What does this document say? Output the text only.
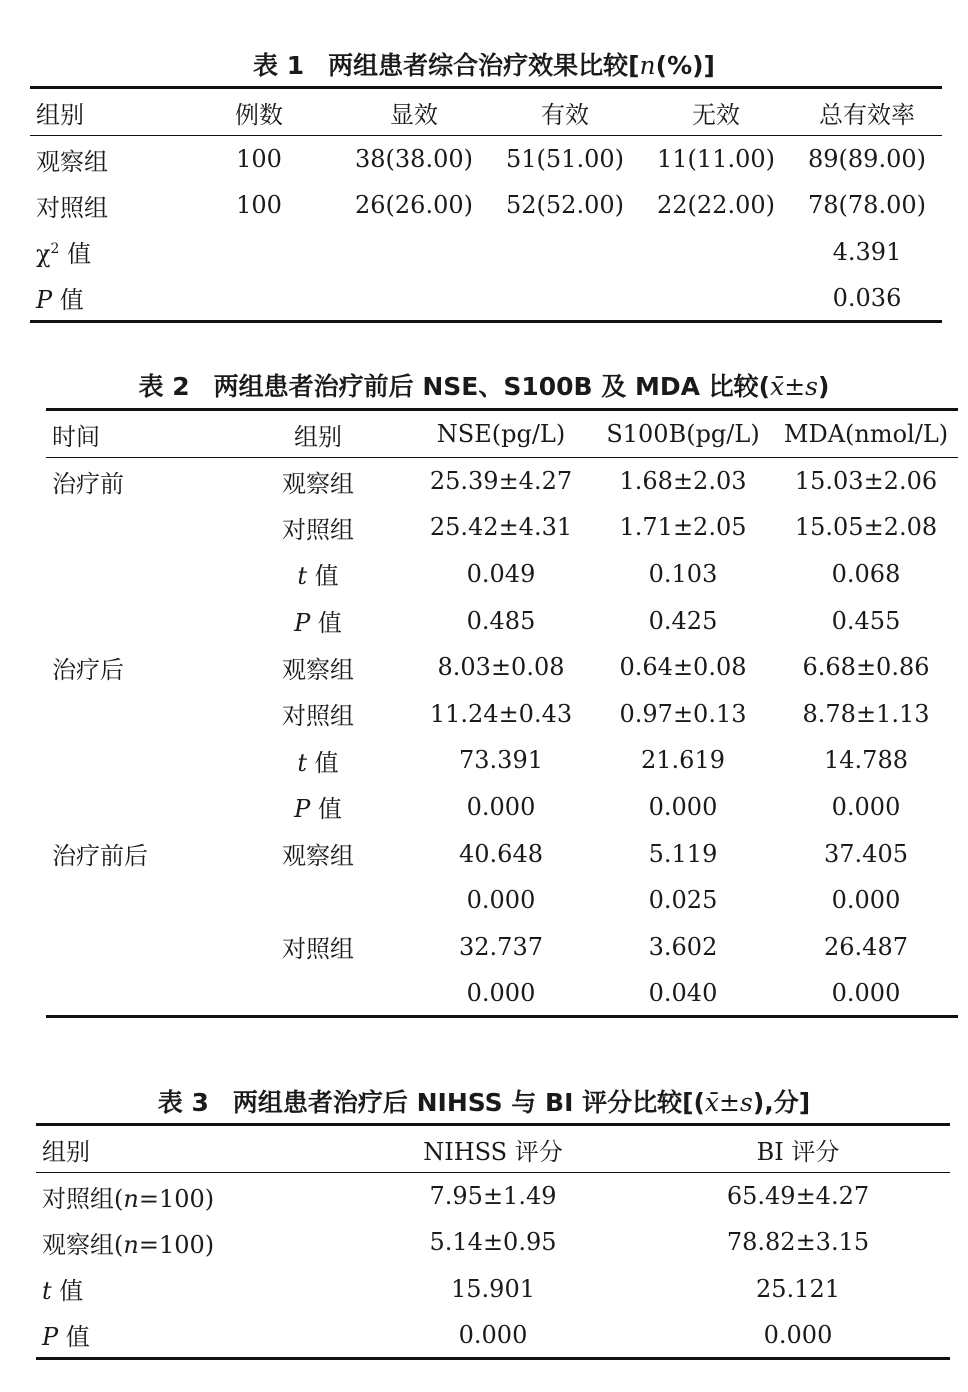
表 1 两组患者综合治疗效果比较[n(%)]
组别	例数	显效	有效	无效	总有效率
观察组	100	38(38.00)	51(51.00)	11(11.00)	89(89.00)
对照组	100	26(26.00)	52(52.00)	22(22.00)	78(78.00)
$\chi^2$ 值					4.391
P 值					0.036
表 2 两组患者治疗前后 NSE、S100B 及 MDA 比较(x̄±s)
时间	组别	NSE(pg/L)	S100B(pg/L)	MDA(nmol/L)
治疗前	观察组	25.39±4.27	1.68±2.03	15.03±2.06
	对照组	25.42±4.31	1.71±2.05	15.05±2.08
	t 值	0.049	0.103	0.068
	P 值	0.485	0.425	0.455
治疗后	观察组	8.03±0.08	0.64±0.08	6.68±0.86
	对照组	11.24±0.43	0.97±0.13	8.78±1.13
	t 值	73.391	21.619	14.788
	P 值	0.000	0.000	0.000
治疗前后	观察组	40.648	5.119	37.405
		0.000	0.025	0.000
	对照组	32.737	3.602	26.487
		0.000	0.040	0.000
表 3 两组患者治疗后 NIHSS 与 BI 评分比较[(x̄±s),分]
组别	NIHSS 评分	BI 评分
对照组(n=100)	7.95±1.49	65.49±4.27
观察组(n=100)	5.14±0.95	78.82±3.15
t 值	15.901	25.121
P 值	0.000	0.000
